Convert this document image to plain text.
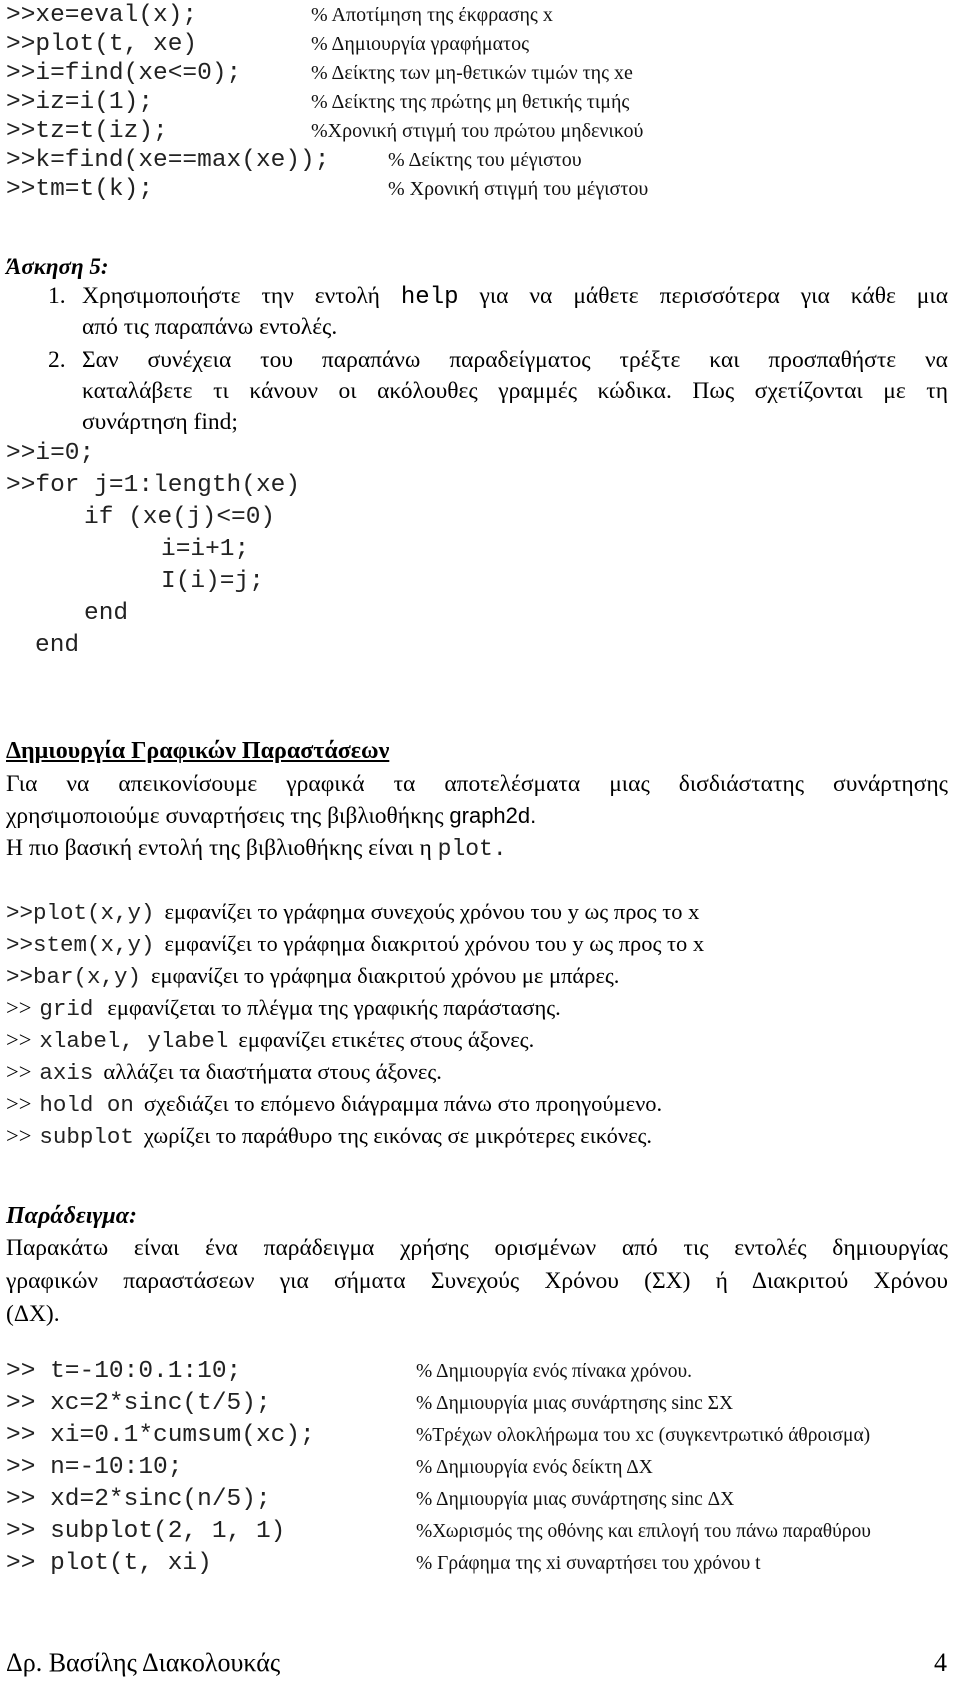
>>xe=eval(x);	% Αποτίμηση της έκφρασης x
>>plot(t, xe)	% Δημιουργία γραφήματος
>>i=find(xe<=0);	% Δείκτης των μη-θετικών τιμών της xe
>>iz=i(1);	% Δείκτης της πρώτης μη θετικής τιμής
>>tz=t(iz);	%Χρονική στιγμή του πρώτου μηδενικού
>>k=find(xe==max(xe));	% Δείκτης του μέγιστου
>>tm=t(k);	% Χρονική στιγμή του μέγιστου
Άσκηση 5:
1. Χρησιμοποιήστε την εντολή help για να μάθετε περισσότερα για κάθε μια
από τις παραπάνω εντολές.
2. Σαν συνέχεια του παραπάνω παραδείγματος τρέξτε και προσπαθήστε να
καταλάβετε τι κάνουν οι ακόλουθες γραμμές κώδικα. Πως σχετίζονται με τη
συνάρτηση find;
>>i=0;
>>for j=1:length(xe)
if (xe(j)<=0)
i=i+1;
I(i)=j;
end
end
Δημιουργία Γραφικών Παραστάσεων
Για να απεικονίσουμε γραφικά τα αποτελέσματα μιας δισδιάστατης συνάρτησης
χρησιμοποιούμε συναρτήσεις της βιβλιοθήκης graph2d.
Η πιο βασική εντολή της βιβλιοθήκης είναι η plot.
>>plot(x,y) εμφανίζει το γράφημα συνεχούς χρόνου του y ως προς το x
>>stem(x,y) εμφανίζει το γράφημα διακριτού χρόνου του y ως προς το x
>>bar(x,y) εμφανίζει το γράφημα διακριτού χρόνου με μπάρες.
>> grid εμφανίζεται το πλέγμα της γραφικής παράστασης.
>> xlabel, ylabel εμφανίζει ετικέτες στους άξονες.
>> axis αλλάζει τα διαστήματα στους άξονες.
>> hold on σχεδιάζει το επόμενο διάγραμμα πάνω στο προηγούμενο.
>> subplot χωρίζει το παράθυρο της εικόνας σε μικρότερες εικόνες.
Παράδειγμα:
Παρακάτω είναι ένα παράδειγμα χρήσης ορισμένων από τις εντολές δημιουργίας
γραφικών παραστάσεων για σήματα Συνεχούς Χρόνου (ΣΧ) ή Διακριτού Χρόνου
(ΔΧ).
>> t=-10:0.1:10;	% Δημιουργία ενός πίνακα χρόνου.
>> xc=2*sinc(t/5);	% Δημιουργία μιας συνάρτησης sinc ΣΧ
>> xi=0.1*cumsum(xc);	%Τρέχων ολοκλήρωμα του xc (συγκεντρωτικό άθροισμα)
>> n=-10:10;	% Δημιουργία ενός δείκτη ΔΧ
>> xd=2*sinc(n/5);	% Δημιουργία μιας συνάρτησης sinc ΔΧ
>> subplot(2, 1, 1)	%Χωρισμός της οθόνης και επιλογή του πάνω παραθύρου
>> plot(t, xi)	% Γράφημα της xi συναρτήσει του χρόνου t
Δρ. Βασίλης Διακολουκάς	4
